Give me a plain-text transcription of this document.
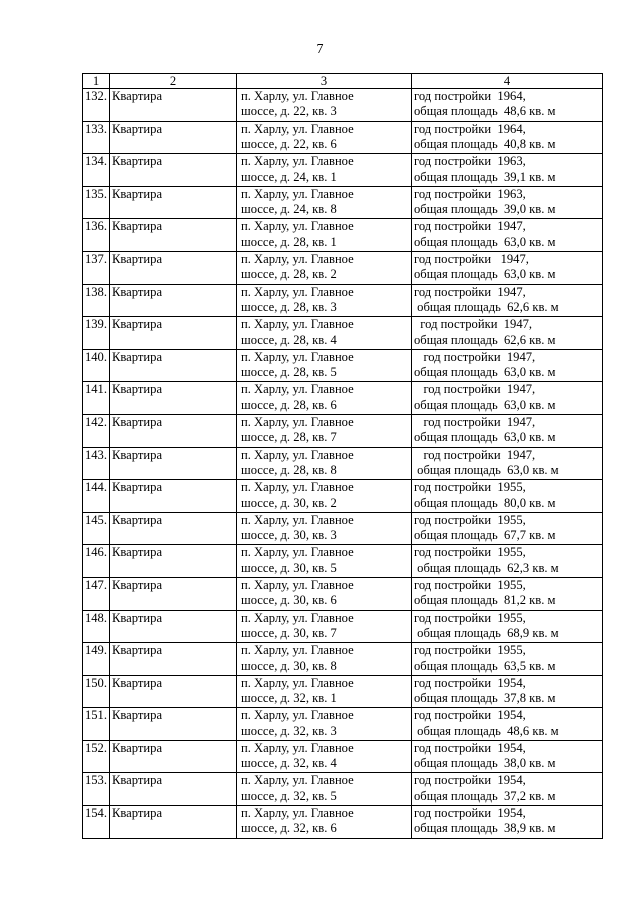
7
1	2	3	4
132.	Квартира	п. Харлу, ул. Главное
шоссе, д. 22, кв. 3	год постройки  1964,
общая площадь  48,6 кв. м

133.	Квартира	п. Харлу, ул. Главное
шоссе, д. 22, кв. 6	год постройки  1964,
общая площадь  40,8 кв. м

134.	Квартира	п. Харлу, ул. Главное
шоссе, д. 24, кв. 1	год постройки  1963,
общая площадь  39,1 кв. м

135.	Квартира	п. Харлу, ул. Главное
шоссе, д. 24, кв. 8	год постройки  1963,
общая площадь  39,0 кв. м

136.	Квартира	п. Харлу, ул. Главное
шоссе, д. 28, кв. 1	год постройки  1947,
общая площадь  63,0 кв. м

137.	Квартира	п. Харлу, ул. Главное
шоссе, д. 28, кв. 2	год постройки   1947,
общая площадь  63,0 кв. м

138.	Квартира	п. Харлу, ул. Главное
шоссе, д. 28, кв. 3	год постройки  1947,
общая площадь  62,6 кв. м

139.	Квартира	п. Харлу, ул. Главное
шоссе, д. 28, кв. 4	год постройки  1947,
общая площадь  62,6 кв. м

140.	Квартира	п. Харлу, ул. Главное
шоссе, д. 28, кв. 5	год постройки  1947,
общая площадь  63,0 кв. м

141.	Квартира	п. Харлу, ул. Главное
шоссе, д. 28, кв. 6	год постройки  1947,
общая площадь  63,0 кв. м

142.	Квартира	п. Харлу, ул. Главное
шоссе, д. 28, кв. 7	год постройки  1947,
общая площадь  63,0 кв. м

143.	Квартира	п. Харлу, ул. Главное
шоссе, д. 28, кв. 8	год постройки  1947,
общая площадь  63,0 кв. м

144.	Квартира	п. Харлу, ул. Главное
шоссе, д. 30, кв. 2	год постройки  1955,
общая площадь  80,0 кв. м

145.	Квартира	п. Харлу, ул. Главное
шоссе, д. 30, кв. 3	год постройки  1955,
общая площадь  67,7 кв. м

146.	Квартира	п. Харлу, ул. Главное
шоссе, д. 30, кв. 5	год постройки  1955,
общая площадь  62,3 кв. м

147.	Квартира	п. Харлу, ул. Главное
шоссе, д. 30, кв. 6	год постройки  1955,
общая площадь  81,2 кв. м

148.	Квартира	п. Харлу, ул. Главное
шоссе, д. 30, кв. 7	год постройки  1955,
общая площадь  68,9 кв. м

149.	Квартира	п. Харлу, ул. Главное
шоссе, д. 30, кв. 8	год постройки  1955,
общая площадь  63,5 кв. м

150.	Квартира	п. Харлу, ул. Главное
шоссе, д. 32, кв. 1	год постройки  1954,
общая площадь  37,8 кв. м

151.	Квартира	п. Харлу, ул. Главное
шоссе, д. 32, кв. 3	год постройки  1954,
общая площадь  48,6 кв. м

152.	Квартира	п. Харлу, ул. Главное
шоссе, д. 32, кв. 4	год постройки  1954,
общая площадь  38,0 кв. м

153.	Квартира	п. Харлу, ул. Главное
шоссе, д. 32, кв. 5	год постройки  1954,
общая площадь  37,2 кв. м

154.	Квартира	п. Харлу, ул. Главное
шоссе, д. 32, кв. 6	год постройки  1954,
общая площадь  38,9 кв. м
